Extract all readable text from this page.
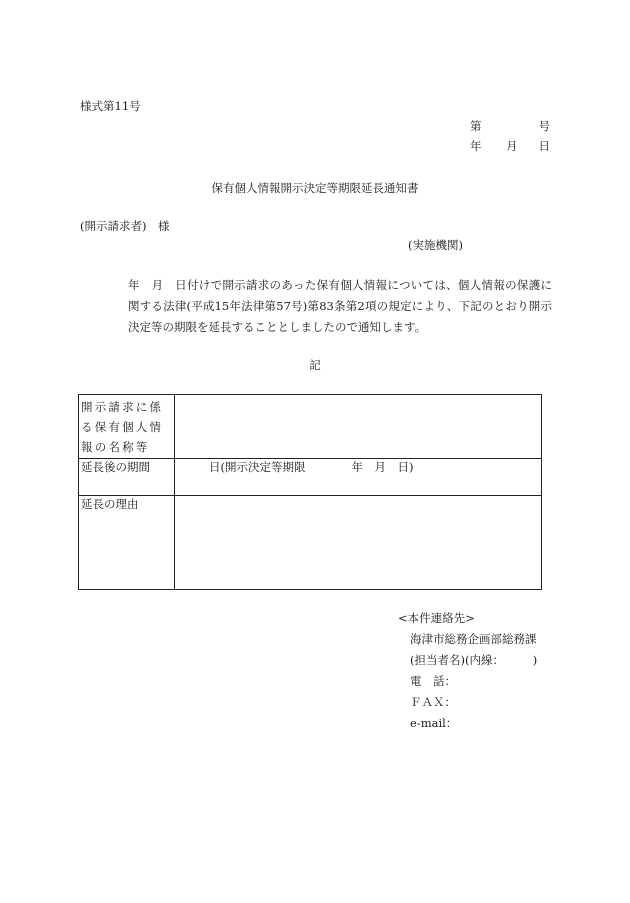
様式第11号
第	号
年 月 日
保有個人情報開示決定等期限延長通知書
(開示請求者)　様
(実施機関)

年　月　日付けで開示請求のあった保有個人情報については、個人情報の保護に関する法律(平成15年法律第57号)第83条第2項の規定により、下記のとおり開示決定等の期限を延長することとしましたので通知します。

記
開示請求に係る保有個人情報の名称等	
延長後の期間	日(開示決定等期限　　　　年　月　日)
延長の理由	
<本件連絡先>
海津市総務企画部総務課
(担当者名)(内線：　　　)
電　話：
ＦＡＸ：
e-mail：
